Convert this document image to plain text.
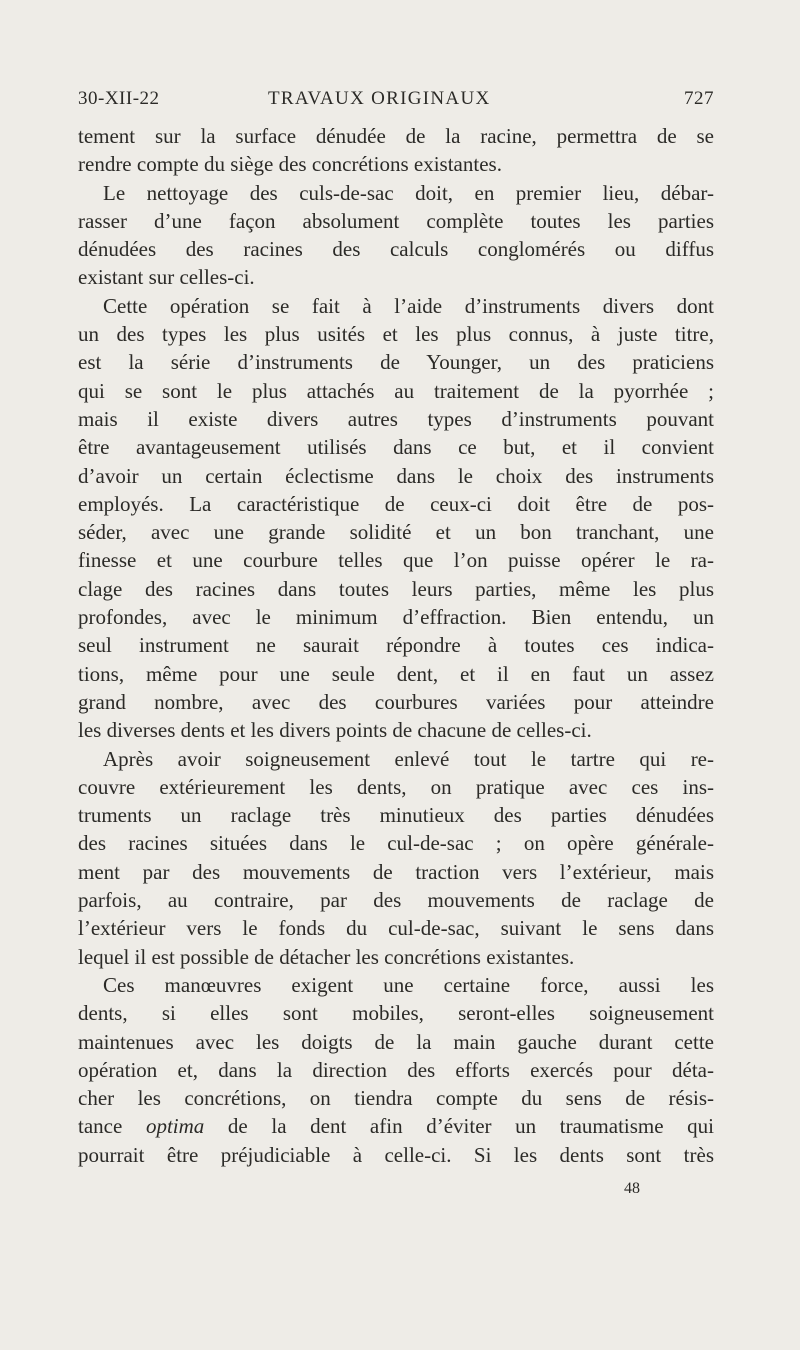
30-XII-22	TRAVAUX ORIGINAUX	727
tement sur la surface dénudée de la racine, permettra de se
rendre compte du siège des concrétions existantes.
Le nettoyage des culs-de-sac doit, en premier lieu, débar-
rasser d’une façon absolument complète toutes les parties
dénudées des racines des calculs conglomérés ou diffus
existant sur celles-ci.
Cette opération se fait à l’aide d’instruments divers dont
un des types les plus usités et les plus connus, à juste titre,
est la série d’instruments de Younger, un des praticiens
qui se sont le plus attachés au traitement de la pyorrhée ;
mais il existe divers autres types d’instruments pouvant
être avantageusement utilisés dans ce but, et il convient
d’avoir un certain éclectisme dans le choix des instruments
employés. La caractéristique de ceux-ci doit être de pos-
séder, avec une grande solidité et un bon tranchant, une
finesse et une courbure telles que l’on puisse opérer le ra-
clage des racines dans toutes leurs parties, même les plus
profondes, avec le minimum d’effraction. Bien entendu, un
seul instrument ne saurait répondre à toutes ces indica-
tions, même pour une seule dent, et il en faut un assez
grand nombre, avec des courbures variées pour atteindre
les diverses dents et les divers points de chacune de celles-ci.
Après avoir soigneusement enlevé tout le tartre qui re-
couvre extérieurement les dents, on pratique avec ces ins-
truments un raclage très minutieux des parties dénudées
des racines situées dans le cul-de-sac ; on opère générale-
ment par des mouvements de traction vers l’extérieur, mais
parfois, au contraire, par des mouvements de raclage de
l’extérieur vers le fonds du cul-de-sac, suivant le sens dans
lequel il est possible de détacher les concrétions existantes.
Ces manœuvres exigent une certaine force, aussi les
dents, si elles sont mobiles, seront-elles soigneusement
maintenues avec les doigts de la main gauche durant cette
opération et, dans la direction des efforts exercés pour déta-
cher les concrétions, on tiendra compte du sens de résis-
tance optima de la dent afin d’éviter un traumatisme qui
pourrait être préjudiciable à celle-ci. Si les dents sont très
48
